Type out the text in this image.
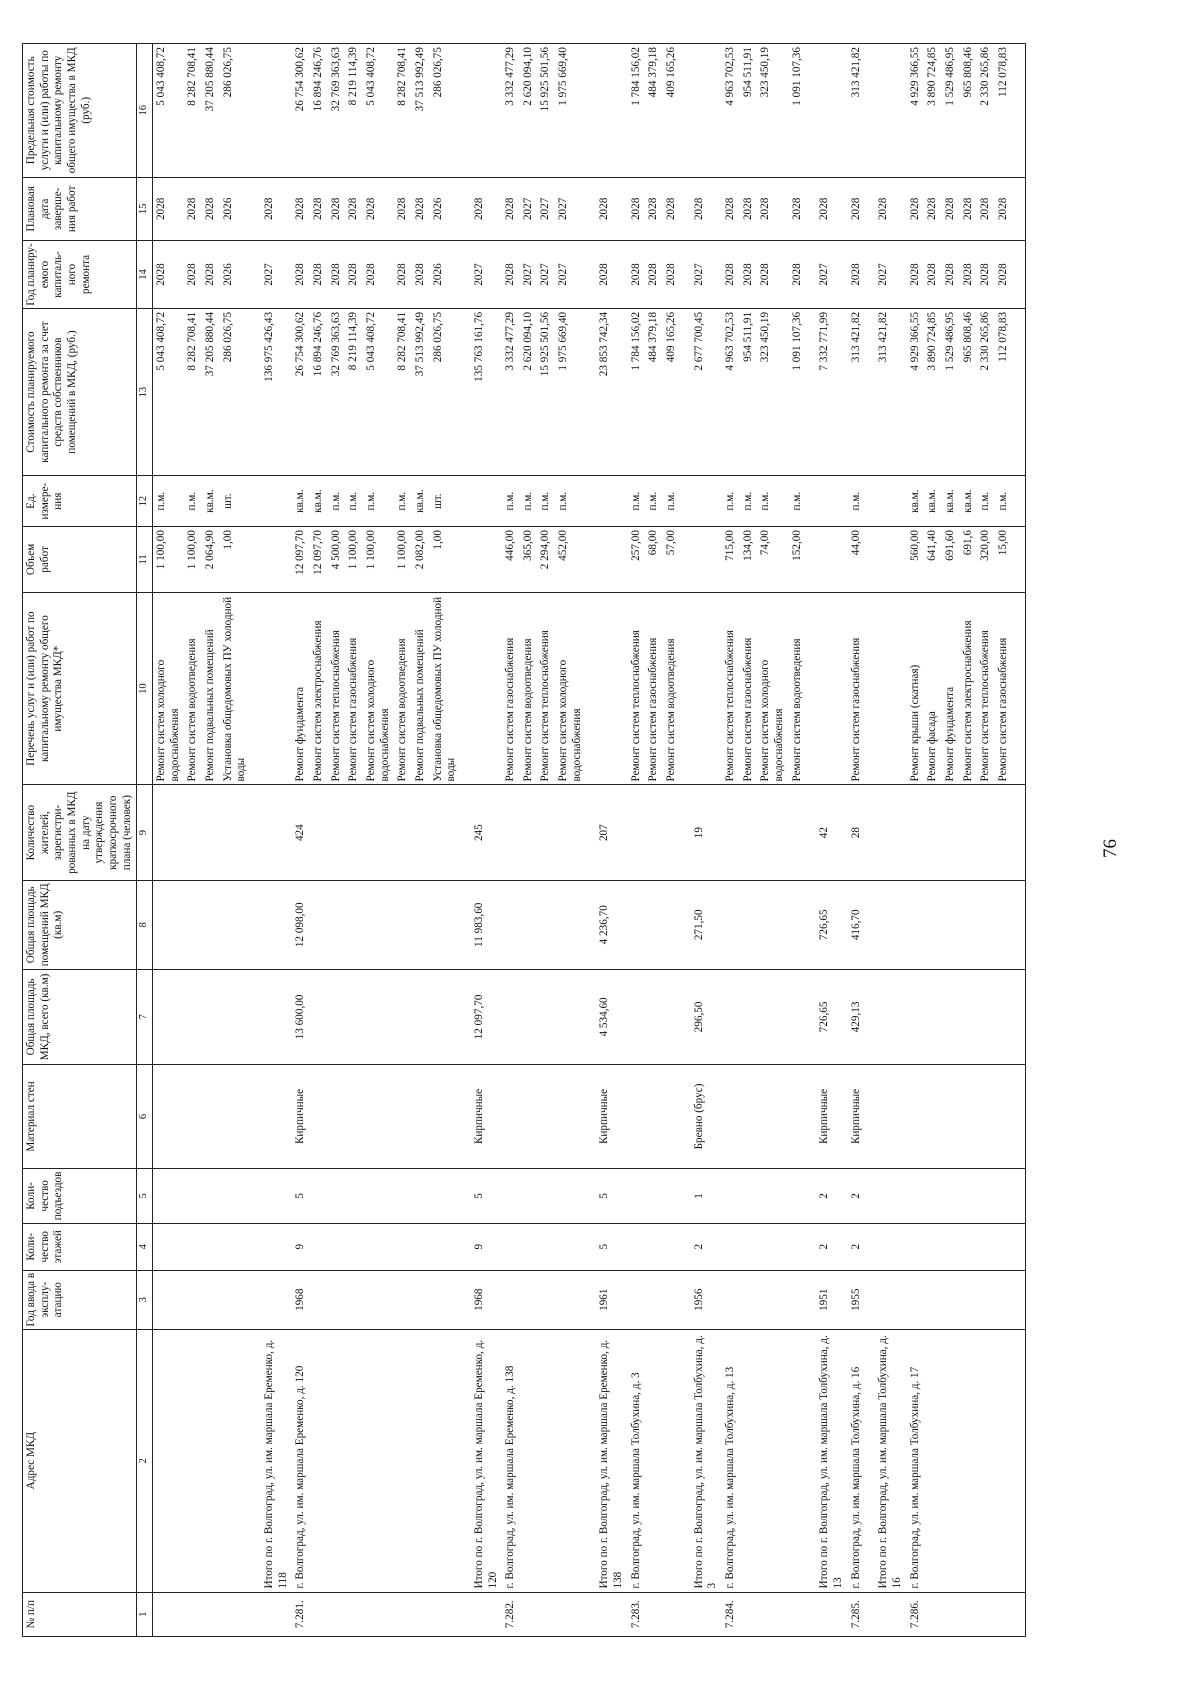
76
№ п/п	Адрес МКД	Год ввода в эксплу-атацию	Коли-чество этажей	Коли-чество подъездов	Материал стен	Общая площадь МКД, всего (кв.м)	Общая площадь помещений МКД (кв.м)	Количество жителей, зарегистри-рованных в МКД на дату утверждения краткосрочного плана (человек)	Перечень услуг и (или) работ по капитальному ремонту общего имущества МКД*	Объем работ	Ед. измере-ния	Стоимость планируемого капитального ремонта за счет средств собственников помещений в МКД, (руб.)	Год планиру-емого капиталь-ного ремонта	Плановая дата заверше-ния работ	Предельная стоимость услуги и (или) работы по капитальному ремонту общего имущества в МКД (руб.)
1	2	3	4	5	6	7	8	9	10	11	12	13	14	15	16
									Ремонт систем холодного водоснабжения	1 100,00	п.м.	5 043 408,72	2028	2028	5 043 408,72
									Ремонт систем водоотведения	1 100,00	п.м.	8 282 708,41	2028	2028	8 282 708,41
									Ремонт подвальных помещений	2 064,90	кв.м.	37 205 880,44	2028	2028	37 205 880,44
									Установка общедомовых ПУ холодной воды	1,00	шт.	286 026,75	2026	2026	286 026,75
	Итого по г. Волгоград, ул. им. маршала Еременко, д. 118											136 975 426,43	2027	2028	
7.281.	г. Волгоград, ул. им. маршала Еременко, д. 120	1968	9	5	Кирпичные	13 600,00	12 098,00	424	Ремонт фундамента	12 097,70	кв.м.	26 754 300,62	2028	2028	26 754 300,62
									Ремонт систем электроснабжения	12 097,70	кв.м.	16 894 246,76	2028	2028	16 894 246,76
									Ремонт систем теплоснабжения	4 500,00	п.м.	32 769 363,63	2028	2028	32 769 363,63
									Ремонт систем газоснабжения	1 100,00	п.м.	8 219 114,39	2028	2028	8 219 114,39
									Ремонт систем холодного водоснабжения	1 100,00	п.м.	5 043 408,72	2028	2028	5 043 408,72
									Ремонт систем водоотведения	1 100,00	п.м.	8 282 708,41	2028	2028	8 282 708,41
									Ремонт подвальных помещений	2 082,00	кв.м.	37 513 992,49	2028	2028	37 513 992,49
									Установка общедомовых ПУ холодной воды	1,00	шт.	286 026,75	2026	2026	286 026,75
	Итого по г. Волгоград, ул. им. маршала Еременко, д. 120	1968	9	5	Кирпичные	12 097,70	11 983,60	245				135 763 161,76	2027	2028	
7.282.	г. Волгоград, ул. им. маршала Еременко, д. 138								Ремонт систем газоснабжения	446,00	п.м.	3 332 477,29	2028	2028	3 332 477,29
									Ремонт систем водоотведения	365,00	п.м.	2 620 094,10	2027	2027	2 620 094,10
									Ремонт систем теплоснабжения	2 294,00	п.м.	15 925 501,56	2027	2027	15 925 501,56
									Ремонт систем холодного водоснабжения	452,00	п.м.	1 975 669,40	2027	2027	1 975 669,40
	Итого по г. Волгоград, ул. им. маршала Еременко, д. 138	1961	5	5	Кирпичные	4 534,60	4 236,70	207				23 853 742,34	2028	2028	
7.283.	г. Волгоград, ул. им. маршала Толбухина, д. 3								Ремонт систем теплоснабжения	257,00	п.м.	1 784 156,02	2028	2028	1 784 156,02
									Ремонт систем газоснабжения	68,00	п.м.	484 379,18	2028	2028	484 379,18
									Ремонт систем водоотведения	57,00	п.м.	409 165,26	2028	2028	409 165,26
	Итого по г. Волгоград, ул. им. маршала Толбухина, д. 3	1956	2	1	Бревно (брус)	296,50	271,50	19				2 677 700,45	2027	2028	
7.284.	г. Волгоград, ул. им. маршала Толбухина, д. 13								Ремонт систем теплоснабжения	715,00	п.м.	4 963 702,53	2028	2028	4 963 702,53
									Ремонт систем газоснабжения	134,00	п.м.	954 511,91	2028	2028	954 511,91
									Ремонт систем холодного водоснабжения	74,00	п.м.	323 450,19	2028	2028	323 450,19
									Ремонт систем водоотведения	152,00	п.м.	1 091 107,36	2028	2028	1 091 107,36
	Итого по г. Волгоград, ул. им. маршала Толбухина, д. 13	1951	2	2	Кирпичные	726,65	726,65	42				7 332 771,99	2027	2028	
7.285.	г. Волгоград, ул. им. маршала Толбухина, д. 16	1955	2	2	Кирпичные	429,13	416,70	28	Ремонт систем газоснабжения	44,00	п.м.	313 421,82	2028	2028	313 421,82
	Итого по г. Волгоград, ул. им. маршала Толбухина, д. 16											313 421,82	2027	2028	
7.286.	г. Волгоград, ул. им. маршала Толбухина, д. 17								Ремонт крыши (скатная)	560,00	кв.м.	4 929 366,55	2028	2028	4 929 366,55
									Ремонт фасада	641,40	кв.м.	3 890 724,85	2028	2028	3 890 724,85
									Ремонт фундамента	691,60	кв.м.	1 529 486,95	2028	2028	1 529 486,95
									Ремонт систем электроснабжения	691,6	кв.м.	965 808,46	2028	2028	965 808,46
									Ремонт систем теплоснабжения	320,00	п.м.	2 330 265,86	2028	2028	2 330 265,86
									Ремонт систем газоснабжения	15,00	п.м.	112 078,83	2028	2028	112 078,83
